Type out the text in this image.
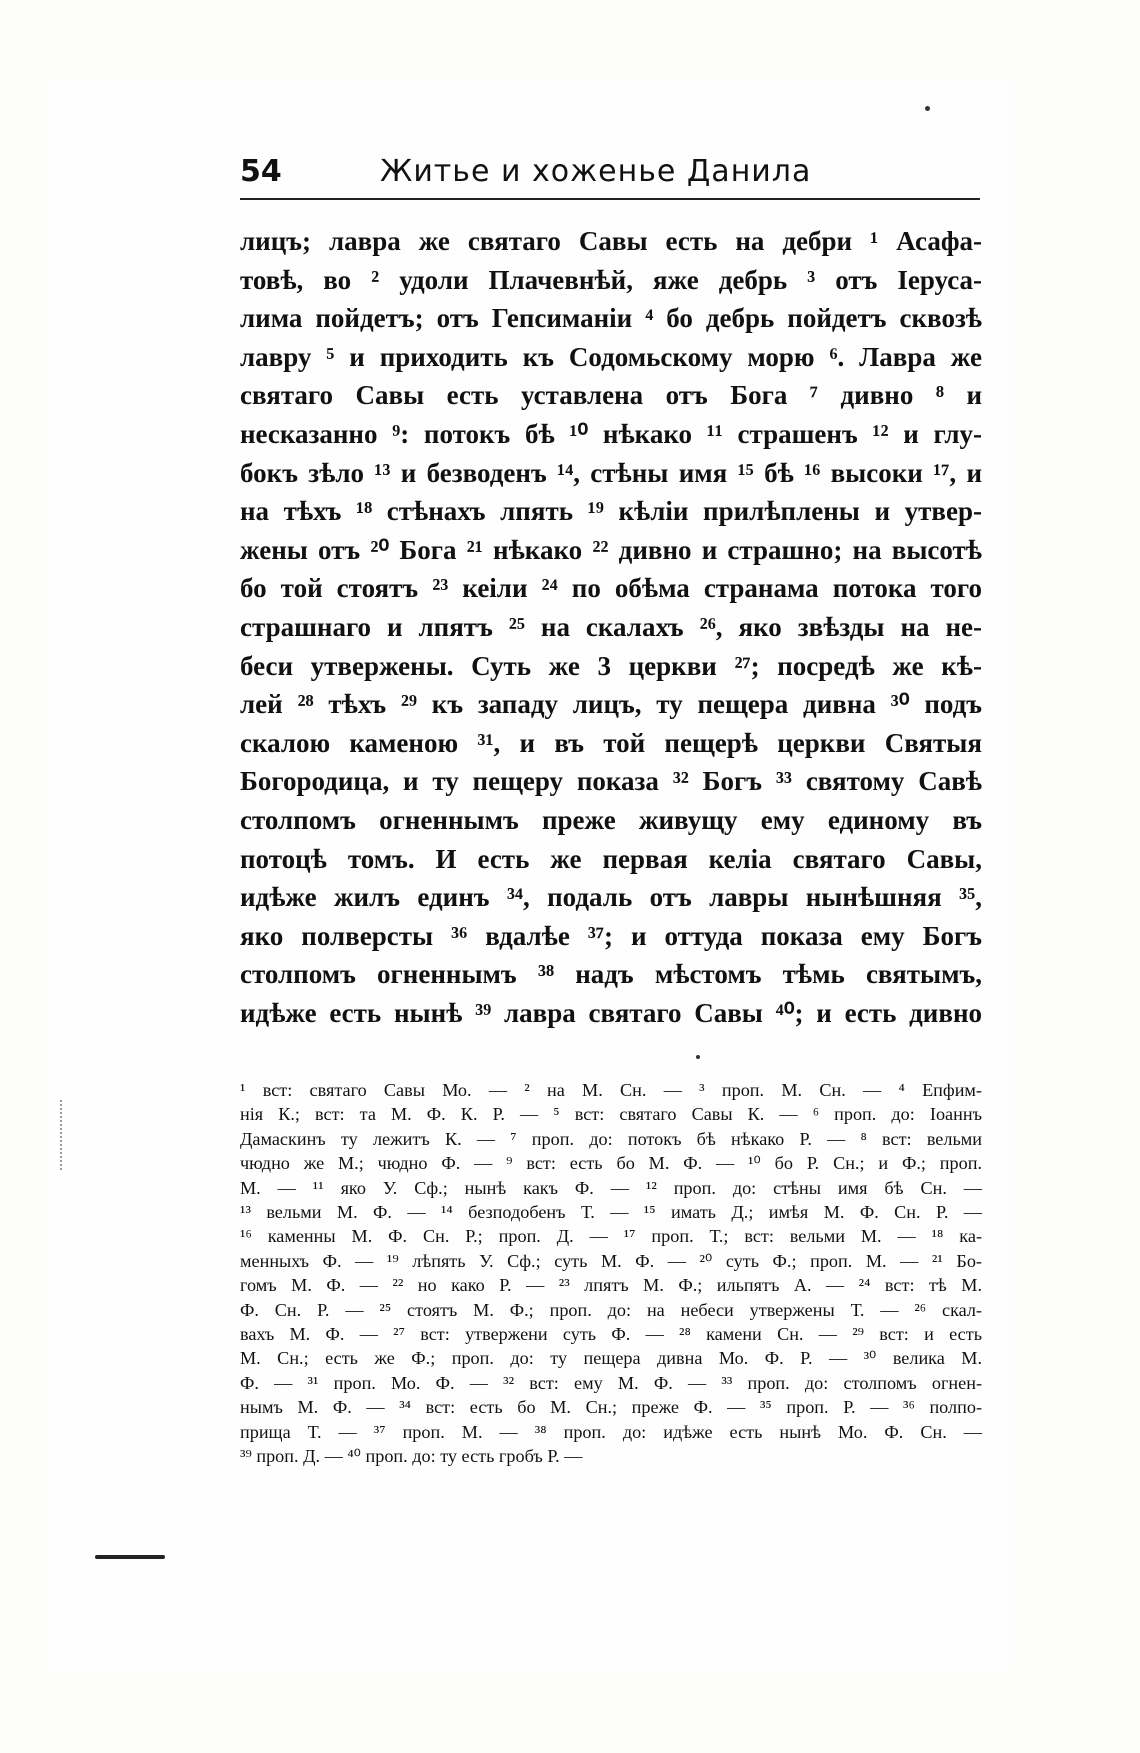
54	Житье и хоженье Данила
лицъ; лавра же святаго Савы есть на дебри ¹ Асафа-
товѣ, во ² удоли Плачевнѣй, яже дебрь ³ отъ Іеруса-
лима пойдетъ; отъ Гепсиманіи ⁴ бо дебрь пойдетъ сквозѣ
лавру ⁵ и приходить къ Содомьскому морю ⁶. Лавра же
святаго Савы есть уставлена отъ Бога ⁷ дивно ⁸ и
несказанно ⁹: потокъ бѣ ¹⁰ нѣкако ¹¹ страшенъ ¹² и глу-
бокъ зѣло ¹³ и безводенъ ¹⁴, стѣны имя ¹⁵ бѣ ¹⁶ высоки ¹⁷, и
на тѣхъ ¹⁸ стѣнахъ лпять ¹⁹ кѣліи прилѣплены и утвер-
жены отъ ²⁰ Бога ²¹ нѣкако ²² дивно и страшно; на высотѣ
бо той стоятъ ²³ кеіли ²⁴ по обѣма странама потока того
страшнаго и лпятъ ²⁵ на скалахъ ²⁶, яко звѣзды на не-
беси утвержены. Суть же 3 церкви ²⁷; посредѣ же кѣ-
лей ²⁸ тѣхъ ²⁹ къ западу лицъ, ту пещера дивна ³⁰ подъ
скалою каменою ³¹, и въ той пещерѣ церкви Святыя
Богородица, и ту пещеру показа ³² Богъ ³³ святому Савѣ
столпомъ огненнымъ преже живущу ему единому въ
потоцѣ томъ. И есть же первая келіа святаго Савы,
идѣже жилъ единъ ³⁴, подаль отъ лавры нынѣшняя ³⁵,
яко полверсты ³⁶ вдалѣе ³⁷; и оттуда показа ему Богъ
столпомъ огненнымъ ³⁸ надъ мѣстомъ тѣмь святымъ,
идѣже есть нынѣ ³⁹ лавра святаго Савы ⁴⁰; и есть дивно
¹ вст: святаго Савы Мо. — ² на М. Сн. — ³ проп. М. Сн. — ⁴ Епфим-
нія К.; вст: та М. Ф. К. Р. — ⁵ вст: святаго Савы К. — ⁶ проп. до: Іоаннъ
Дамаскинъ ту лежитъ К. — ⁷ проп. до: потокъ бѣ нѣкако Р. — ⁸ вст: вельми
чюдно же М.; чюдно Ф. — ⁹ вст: есть бо М. Ф. — ¹⁰ бо Р. Сн.; и Ф.; проп.
М. — ¹¹ яко У. Сф.; нынѣ какъ Ф. — ¹² проп. до: стѣны имя бѣ Сн. —
¹³ вельми М. Ф. — ¹⁴ безподобенъ Т. — ¹⁵ имать Д.; имѣя М. Ф. Сн. Р. —
¹⁶ каменны М. Ф. Сн. Р.; проп. Д. — ¹⁷ проп. Т.; вст: вельми М. — ¹⁸ ка-
менныхъ Ф. — ¹⁹ лѣпять У. Сф.; суть М. Ф. — ²⁰ суть Ф.; проп. М. — ²¹ Бо-
гомъ М. Ф. — ²² но како Р. — ²³ лпятъ М. Ф.; ильпятъ А. — ²⁴ вст: тѣ М.
Ф. Сн. Р. — ²⁵ стоятъ М. Ф.; проп. до: на небеси утвержены Т. — ²⁶ скал-
вахъ М. Ф. — ²⁷ вст: утвержени суть Ф. — ²⁸ камени Сн. — ²⁹ вст: и есть
М. Сн.; есть же Ф.; проп. до: ту пещера дивна Мо. Ф. Р. — ³⁰ велика М.
Ф. — ³¹ проп. Мо. Ф. — ³² вст: ему М. Ф. — ³³ проп. до: столпомъ огнен-
нымъ М. Ф. — ³⁴ вст: есть бо М. Сн.; преже Ф. — ³⁵ проп. Р. — ³⁶ полпо-
прища Т. — ³⁷ проп. М. — ³⁸ проп. до: идѣже есть нынѣ Мо. Ф. Сн. —
³⁹ проп. Д. — ⁴⁰ проп. до: ту есть гробъ Р. —
